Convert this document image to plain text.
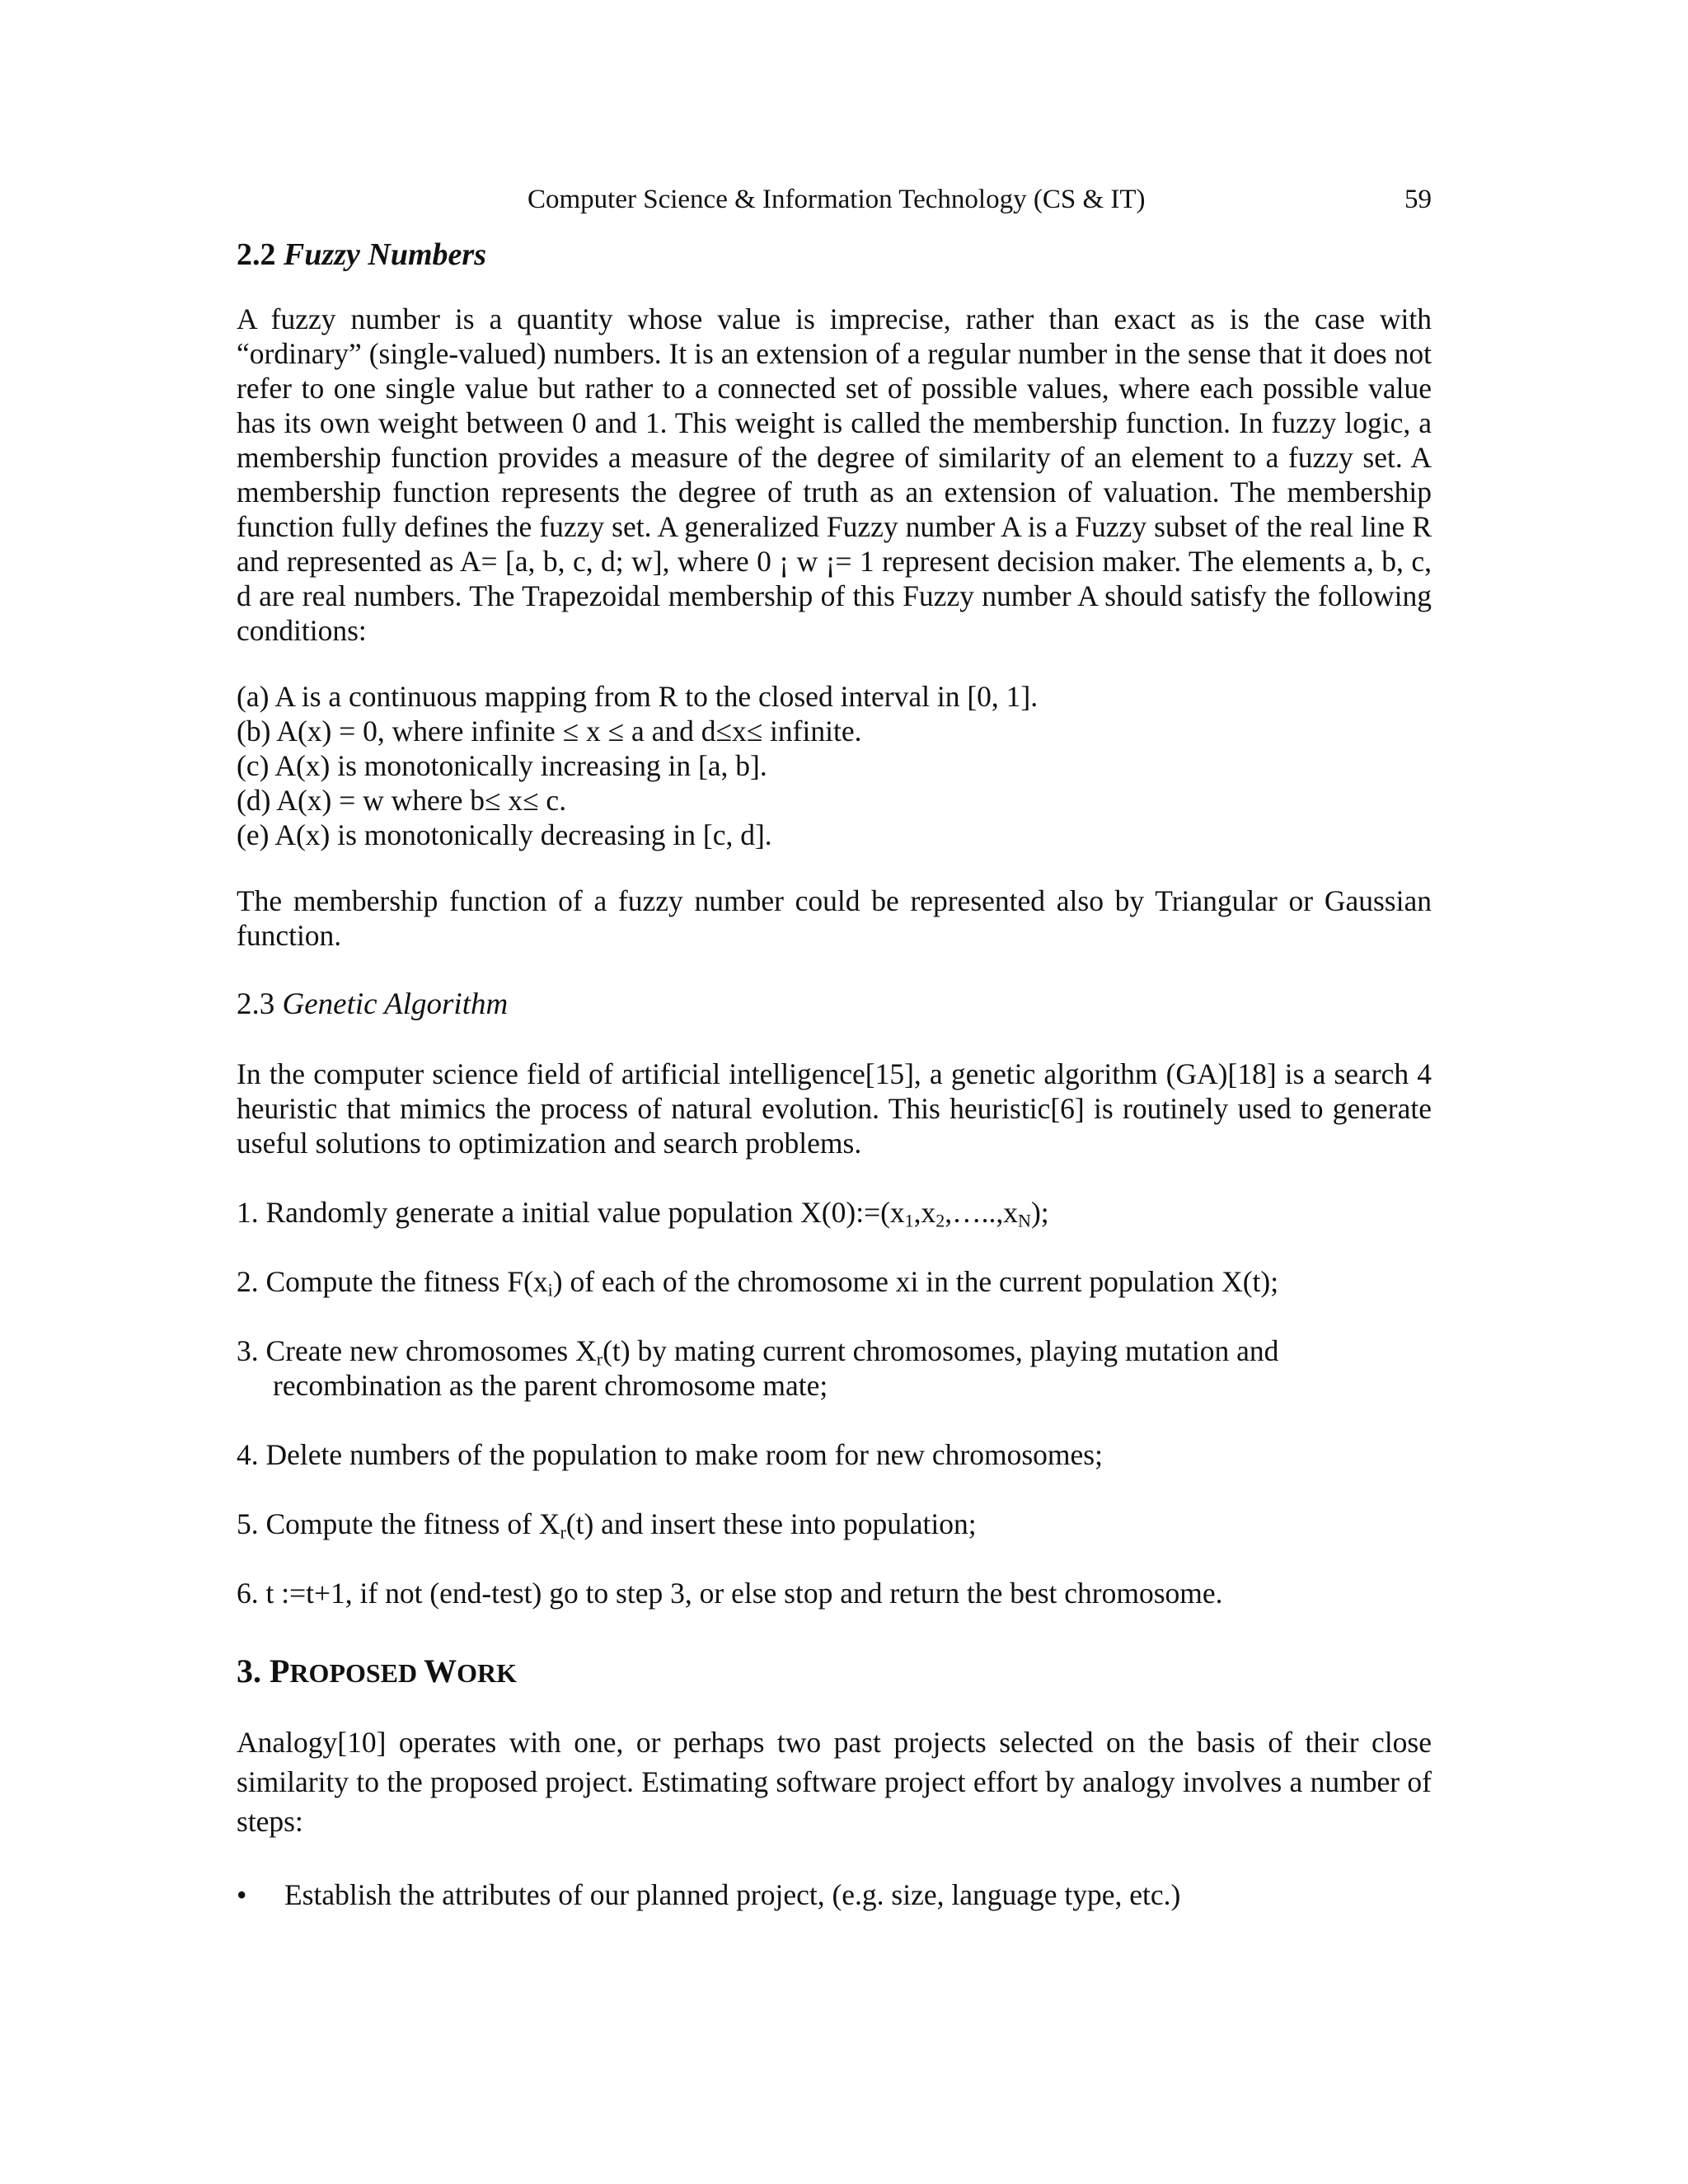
Computer Science & Information Technology (CS & IT)	59

2.2 Fuzzy Numbers

A fuzzy number is a quantity whose value is imprecise, rather than exact as is the case with “ordinary” (single-valued) numbers. It is an extension of a regular number in the sense that it does not refer to one single value but rather to a connected set of possible values, where each possible value has its own weight between 0 and 1. This weight is called the membership function. In fuzzy logic, a membership function provides a measure of the degree of similarity of an element to a fuzzy set. A membership function represents the degree of truth as an extension of valuation. The membership function fully defines the fuzzy set. A generalized Fuzzy number A is a Fuzzy subset of the real line R and represented as A= [a, b, c, d; w], where 0 ¡ w ¡= 1 represent decision maker. The elements a, b, c, d are real numbers. The Trapezoidal membership of this Fuzzy number A should satisfy the following conditions:

(a) A is a continuous mapping from R to the closed interval in [0, 1].

(b) A(x) = 0, where infinite ≤ x ≤ a and d≤x≤ infinite.

(c) A(x) is monotonically increasing in [a, b].

(d) A(x) = w where b≤ x≤ c.

(e) A(x) is monotonically decreasing in [c, d].

The membership function of a fuzzy number could be represented also by Triangular or Gaussian function.

2.3 Genetic Algorithm

In the computer science field of artificial intelligence[15], a genetic algorithm (GA)[18] is a search 4 heuristic that mimics the process of natural evolution. This heuristic[6] is routinely used to generate useful solutions to optimization and search problems.

1. Randomly generate a initial value population $X(0):=(x_1,x_2,\dots..,x_N)$;

2. Compute the fitness $F(x_i)$ of each of the chromosome xi in the current population X(t);

3. Create new chromosomes $X_r(t)$ by mating current chromosomes, playing mutation and

recombination as the parent chromosome mate;

4. Delete numbers of the population to make room for new chromosomes;

5. Compute the fitness of $X_r(t)$ and insert these into population;

6. t :=t+1, if not (end-test) go to step 3, or else stop and return the best chromosome.

3. PROPOSED WORK

Analogy[10] operates with one, or perhaps two past projects selected on the basis of their close similarity to the proposed project. Estimating software project effort by analogy involves a number of steps:

• Establish the attributes of our planned project, (e.g. size, language type, etc.)
